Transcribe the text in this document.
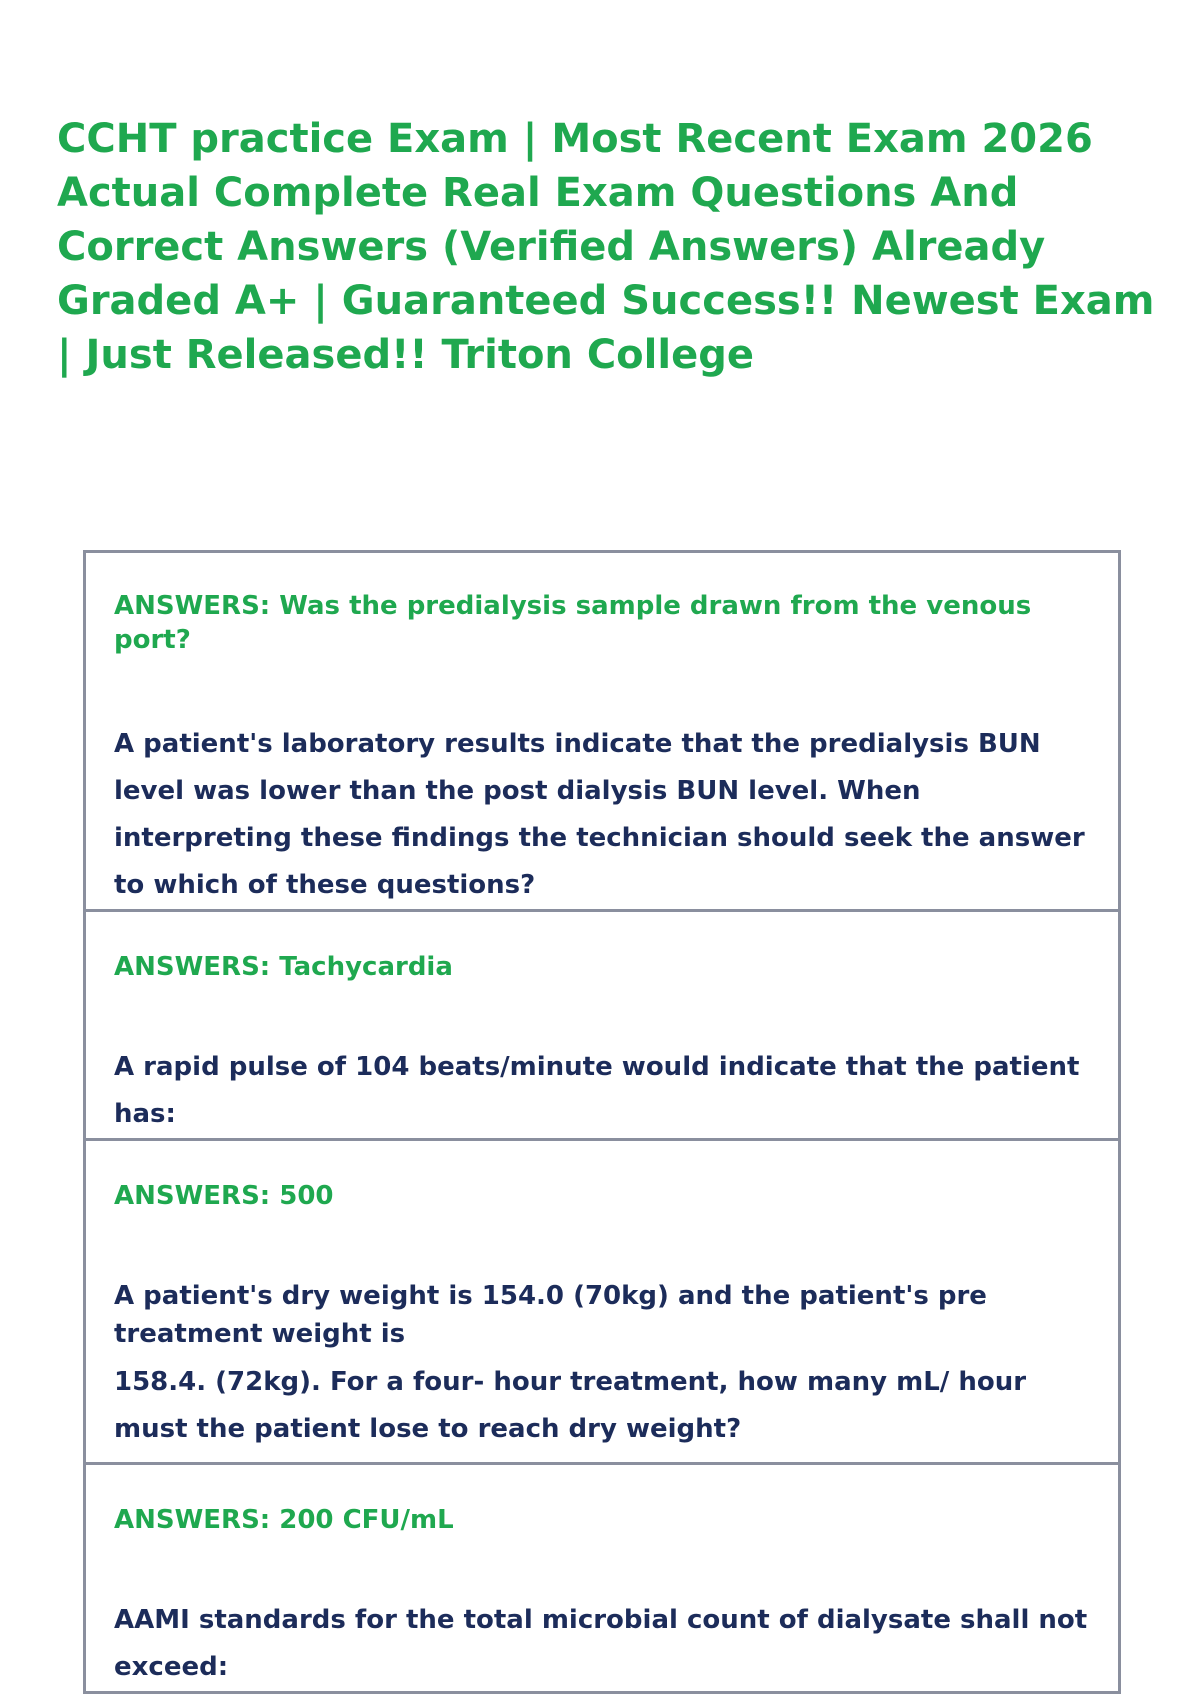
CCHT practice Exam | Most Recent Exam 2026 Actual Complete Real Exam Questions And Correct Answers (Verified Answers) Already Graded A+ | Guaranteed Success!! Newest Exam | Just Released!! Triton College

ANSWERS: Was the predialysis sample drawn from the venous port?

A patient's laboratory results indicate that the predialysis BUN level was lower than the post dialysis BUN level. When interpreting these findings the technician should seek the answer to which of these questions?

ANSWERS: Tachycardia

A rapid pulse of 104 beats/minute would indicate that the patient has:

ANSWERS: 500

A patient's dry weight is 154.0 (70kg) and the patient's pre treatment weight is
158.4. (72kg). For a four- hour treatment, how many mL/ hour must the patient lose to reach dry weight?

ANSWERS: 200 CFU/mL

AAMI standards for the total microbial count of dialysate shall not exceed:
